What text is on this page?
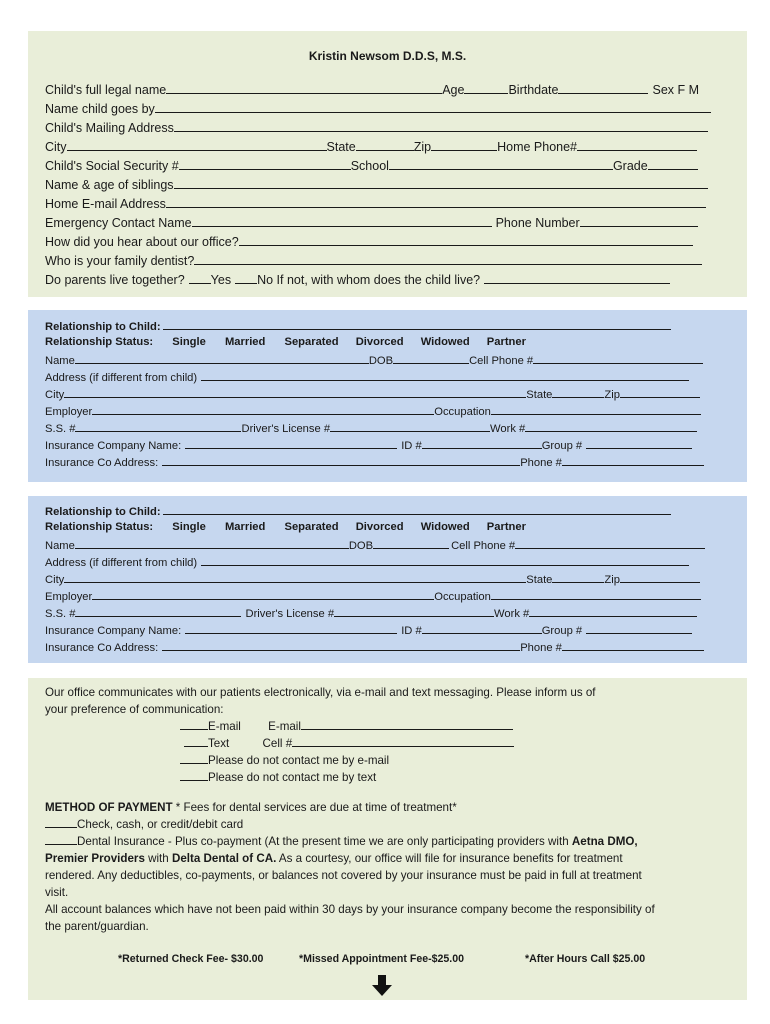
Kristin Newsom D.D.S, M.S.
Child's full legal name	Age	Birthdate	Sex F M
Name child goes by
Child's Mailing Address
City	State	Zip	Home Phone#
Child's Social Security #	School	Grade
Name & age of siblings
Home E-mail Address
Emergency Contact Name	Phone Number
How did you hear about our office?
Who is your family dentist?
Do parents live together? Yes No If not, with whom does the child live?
Relationship to Child:
Relationship Status: Single Married Separated Divorced Widowed Partner
Name	DOB	Cell Phone #
Address (if different from child)
City	State	Zip
Employer	Occupation
S.S. #	Driver's License #	Work #
Insurance Company Name:	ID #	Group #
Insurance Co Address:	Phone #
Relationship to Child:
Relationship Status: Single Married Separated Divorced Widowed Partner
Name	DOB	Cell Phone #
Address (if different from child)
City	State	Zip
Employer	Occupation
S.S. #	Driver's License #	Work #
Insurance Company Name:	ID #	Group #
Insurance Co Address:	Phone #
Our office communicates with our patients electronically, via e-mail and text messaging. Please inform us of
your preference of communication:
E-mail E-mail
Text	Cell #
Please do not contact me by e-mail
Please do not contact me by text
METHOD OF PAYMENT * Fees for dental services are due at time of treatment*
Check, cash, or credit/debit card
Dental Insurance - Plus co-payment (At the present time we are only participating providers with Aetna DMO,
Premier Providers with Delta Dental of CA. As a courtesy, our office will file for insurance benefits for treatment
rendered. Any deductibles, co-payments, or balances not covered by your insurance must be paid in full at treatment
visit.
All account balances which have not been paid within 30 days by your insurance company become the responsibility of
the parent/guardian.
*Returned Check Fee- $30.00	*Missed Appointment Fee-$25.00	*After Hours Call $25.00
